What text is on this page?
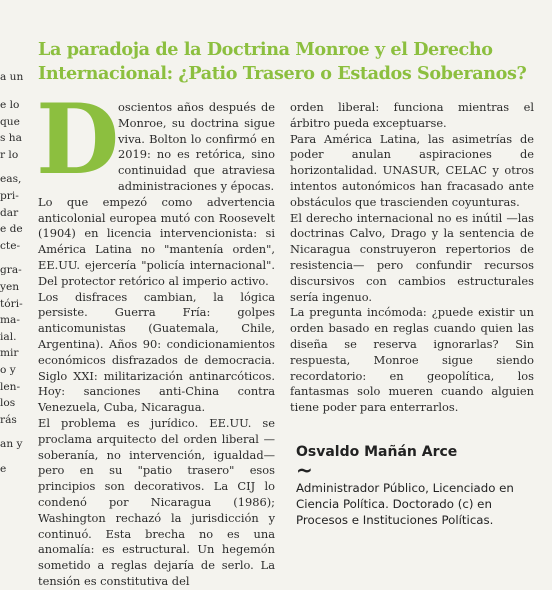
a un
e lo
que
s ha
r lo
eas,
pri-
dar
e de
cte-
gra-
yen
tóri-
ma-
ial.
mir
o y
len-
los
rás
an y
e
La paradoja de la Doctrina Monroe y el Derecho Internacional: ¿Patio Trasero o Estados Soberanos?
D

oscientos años después de Monroe, su doctrina sigue viva. Bolton lo confirmó en 2019: no es retórica, sino continuidad que atraviesa administraciones y épocas.

Lo que empezó como advertencia anticolonial europea mutó con Roosevelt (1904) en licencia intervencionista: si América Latina no "mantenía orden", EE.UU. ejercería "policía internacional". Del protector retórico al imperio activo.

Los disfraces cambian, la lógica persiste. Guerra Fría: golpes anticomunistas (Guatemala, Chile, Argentina). Años 90: condicionamientos económicos disfrazados de democracia. Siglo XXI: militarización antinarcóticos. Hoy: sanciones anti-China contra Venezuela, Cuba, Nicaragua.

El problema es jurídico. EE.UU. se proclama arquitecto del orden liberal —soberanía, no intervención, igualdad— pero en su "patio trasero" esos principios son decorativos. La CIJ lo condenó por Nicaragua (1986); Washington rechazó la jurisdicción y continuó. Esta brecha no es una anomalía: es estructural. Un hegemón sometido a reglas dejaría de serlo. La tensión es constitutiva del

orden liberal: funciona mientras el árbitro pueda exceptuarse.

Para América Latina, las asimetrías de poder anulan aspiraciones de horizontalidad. UNASUR, CELAC y otros intentos autonómicos han fracasado ante obstáculos que trascienden coyunturas.

El derecho internacional no es inútil —las doctrinas Calvo, Drago y la sentencia de Nicaragua construyeron repertorios de resistencia— pero confundir recursos discursivos con cambios estructurales sería ingenuo.

La pregunta incómoda: ¿puede existir un orden basado en reglas cuando quien las diseña se reserva ignorarlas? Sin respuesta, Monroe sigue siendo recordatorio: en geopolítica, los fantasmas solo mueren cuando alguien tiene poder para enterrarlos.

Osvaldo Mañán Arce
~
Administrador Público, Licenciado en Ciencia Política. Doctorado (c) en Procesos e Instituciones Políticas.
